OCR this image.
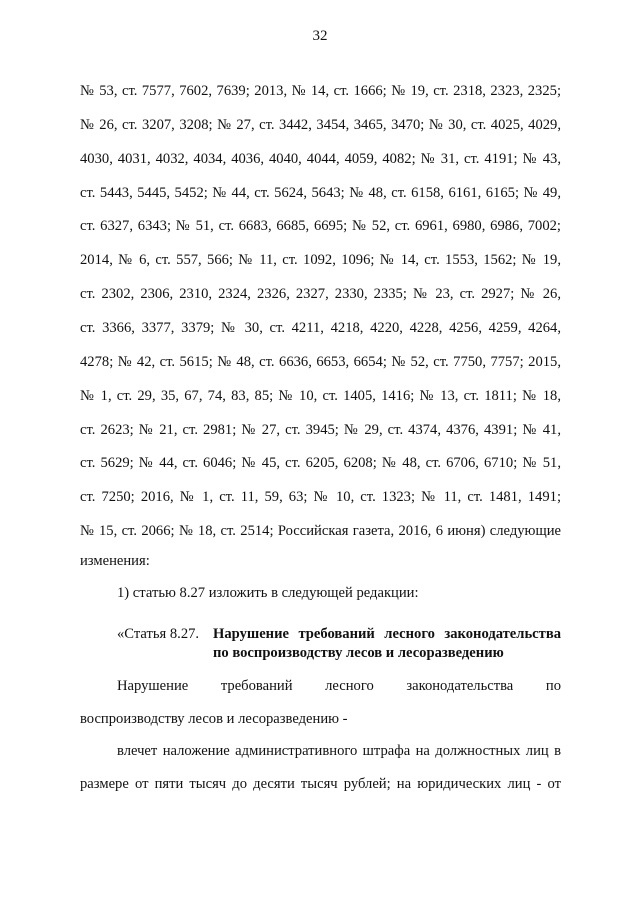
32
№ 53, ст. 7577, 7602, 7639; 2013, № 14, ст. 1666; № 19, ст. 2318, 2323, 2325;
№ 26, ст. 3207, 3208; № 27, ст. 3442, 3454, 3465, 3470; № 30, ст. 4025, 4029,
4030, 4031, 4032, 4034, 4036, 4040, 4044, 4059, 4082; № 31, ст. 4191; № 43,
ст. 5443, 5445, 5452; № 44, ст. 5624, 5643; № 48, ст. 6158, 6161, 6165; № 49,
ст. 6327, 6343; № 51, ст. 6683, 6685, 6695; № 52, ст. 6961, 6980, 6986, 7002;
2014, № 6, ст. 557, 566; № 11, ст. 1092, 1096; № 14, ст. 1553, 1562; № 19,
ст. 2302, 2306, 2310, 2324, 2326, 2327, 2330, 2335; № 23, ст. 2927; № 26,
ст. 3366, 3377, 3379; № 30, ст. 4211, 4218, 4220, 4228, 4256, 4259, 4264,
4278; № 42, ст. 5615; № 48, ст. 6636, 6653, 6654; № 52, ст. 7750, 7757; 2015,
№ 1, ст. 29, 35, 67, 74, 83, 85; № 10, ст. 1405, 1416; № 13, ст. 1811; № 18,
ст. 2623; № 21, ст. 2981; № 27, ст. 3945; № 29, ст. 4374, 4376, 4391; № 41,
ст. 5629; № 44, ст. 6046; № 45, ст. 6205, 6208; № 48, ст. 6706, 6710; № 51,
ст. 7250; 2016, № 1, ст. 11, 59, 63; № 10, ст. 1323; № 11, ст. 1481, 1491;
№ 15, ст. 2066; № 18, ст. 2514; Российская газета, 2016, 6 июня) следующие
изменения:
1) статью 8.27 изложить в следующей редакции:
«Статья 8.27. Нарушение требований лесного законодательства
по воспроизводству лесов и лесоразведению
Нарушение требований лесного законодательства по
воспроизводству лесов и лесоразведению -
влечет наложение административного штрафа на должностных лиц в
размере от пяти тысяч до десяти тысяч рублей; на юридических лиц - от
